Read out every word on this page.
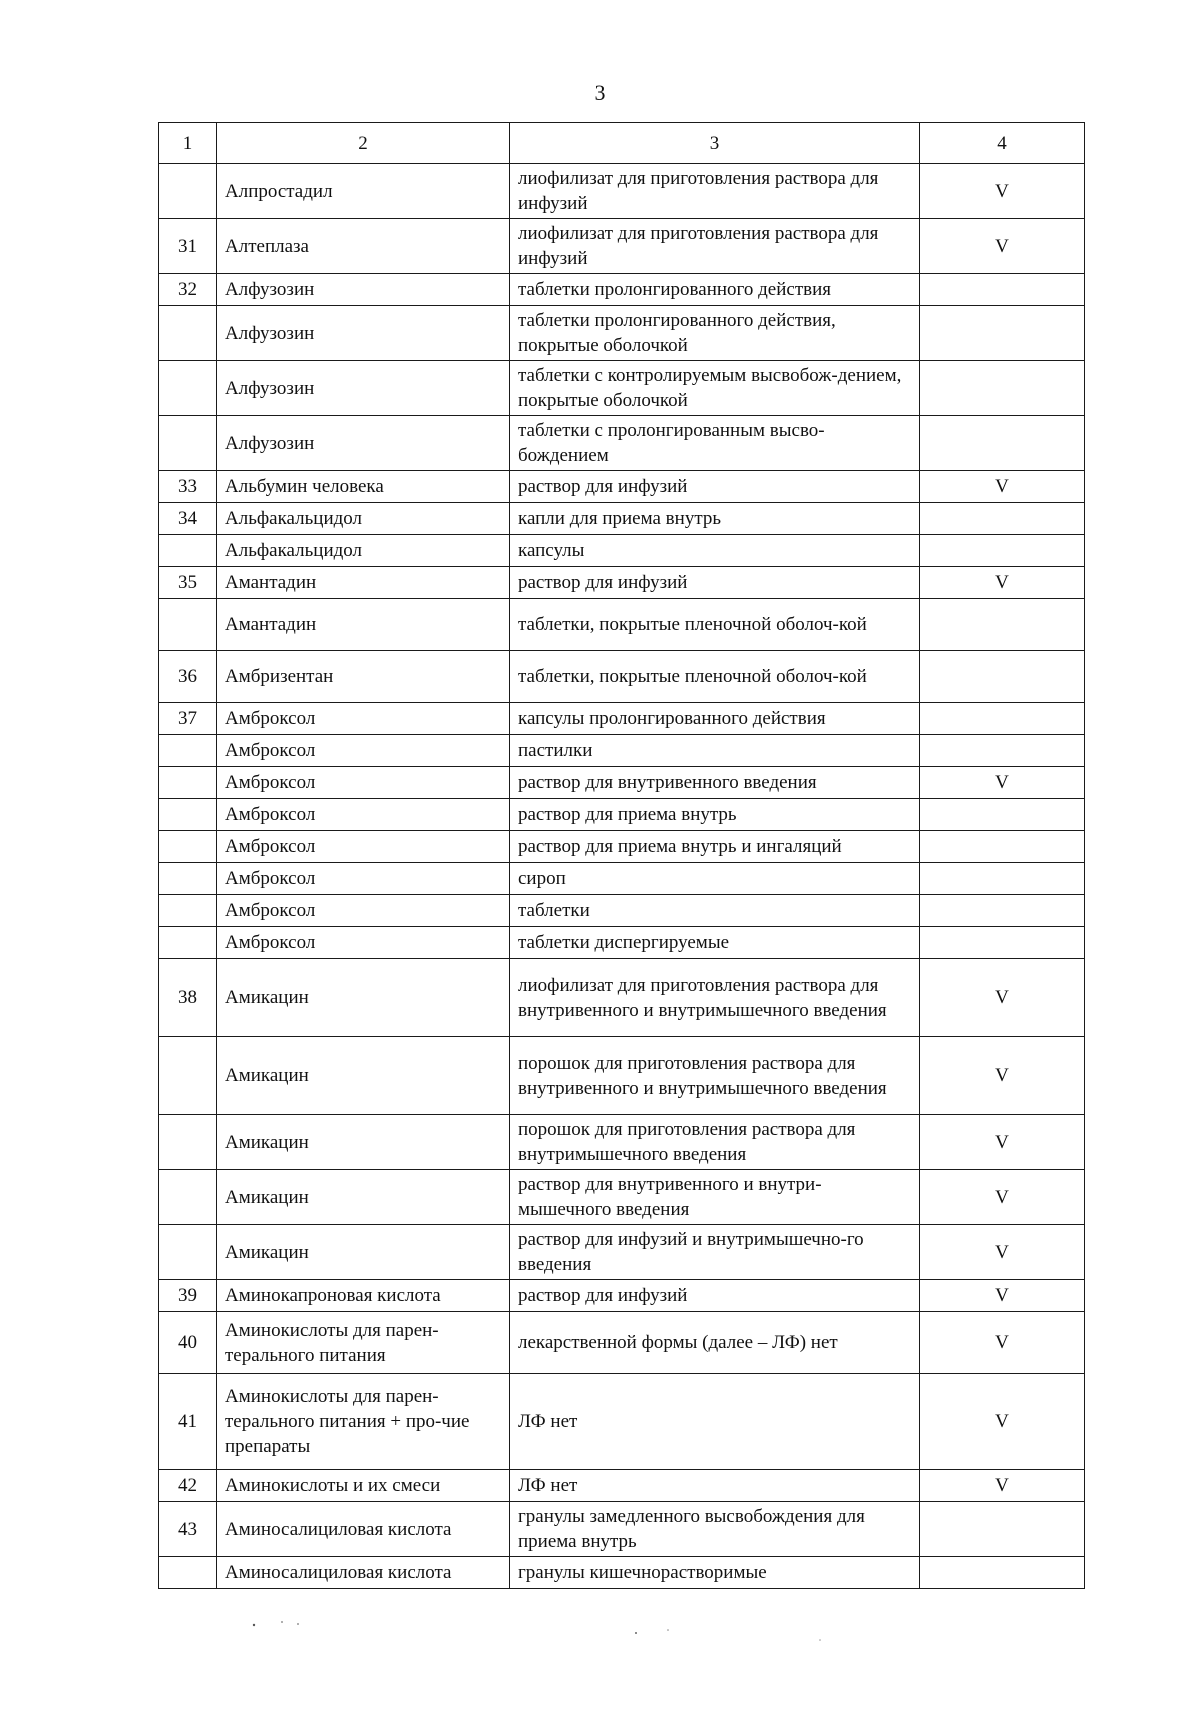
3
1	2	3	4
	Алпростадил	лиофилизат для приготовления раствора для инфузий	V
31	Алтеплаза	лиофилизат для приготовления раствора для инфузий	V
32	Алфузозин	таблетки пролонгированного действия	
	Алфузозин	таблетки пролонгированного действия, покрытые оболочкой	
	Алфузозин	таблетки с контролируемым высвобож-дением, покрытые оболочкой	
	Алфузозин	таблетки с пролонгированным высво-бождением	
33	Альбумин человека	раствор для инфузий	V
34	Альфакальцидол	капли для приема внутрь	
	Альфакальцидол	капсулы	
35	Амантадин	раствор для инфузий	V
	Амантадин	таблетки, покрытые пленочной оболоч-кой	
36	Амбризентан	таблетки, покрытые пленочной оболоч-кой	
37	Амброксол	капсулы пролонгированного действия	
	Амброксол	пастилки	
	Амброксол	раствор для внутривенного введения	V
	Амброксол	раствор для приема внутрь	
	Амброксол	раствор для приема внутрь и ингаляций	
	Амброксол	сироп	
	Амброксол	таблетки	
	Амброксол	таблетки диспергируемые	
38	Амикацин	лиофилизат для приготовления раствора для внутривенного и внутримышечного введения	V
	Амикацин	порошок для приготовления раствора для внутривенного и внутримышечного введения	V
	Амикацин	порошок для приготовления раствора для внутримышечного введения	V
	Амикацин	раствор для внутривенного и внутри-мышечного введения	V
	Амикацин	раствор для инфузий и внутримышечно-го введения	V
39	Аминокапроновая кислота	раствор для инфузий	V
40	Аминокислоты для парен-терального питания	лекарственной формы (далее – ЛФ) нет	V
41	Аминокислоты для парен-терального питания + про-чие препараты	ЛФ нет	V
42	Аминокислоты и их смеси	ЛФ нет	V
43	Аминосалициловая кислота	гранулы замедленного высвобождения для приема внутрь	
	Аминосалициловая кислота	гранулы кишечнорастворимые	
